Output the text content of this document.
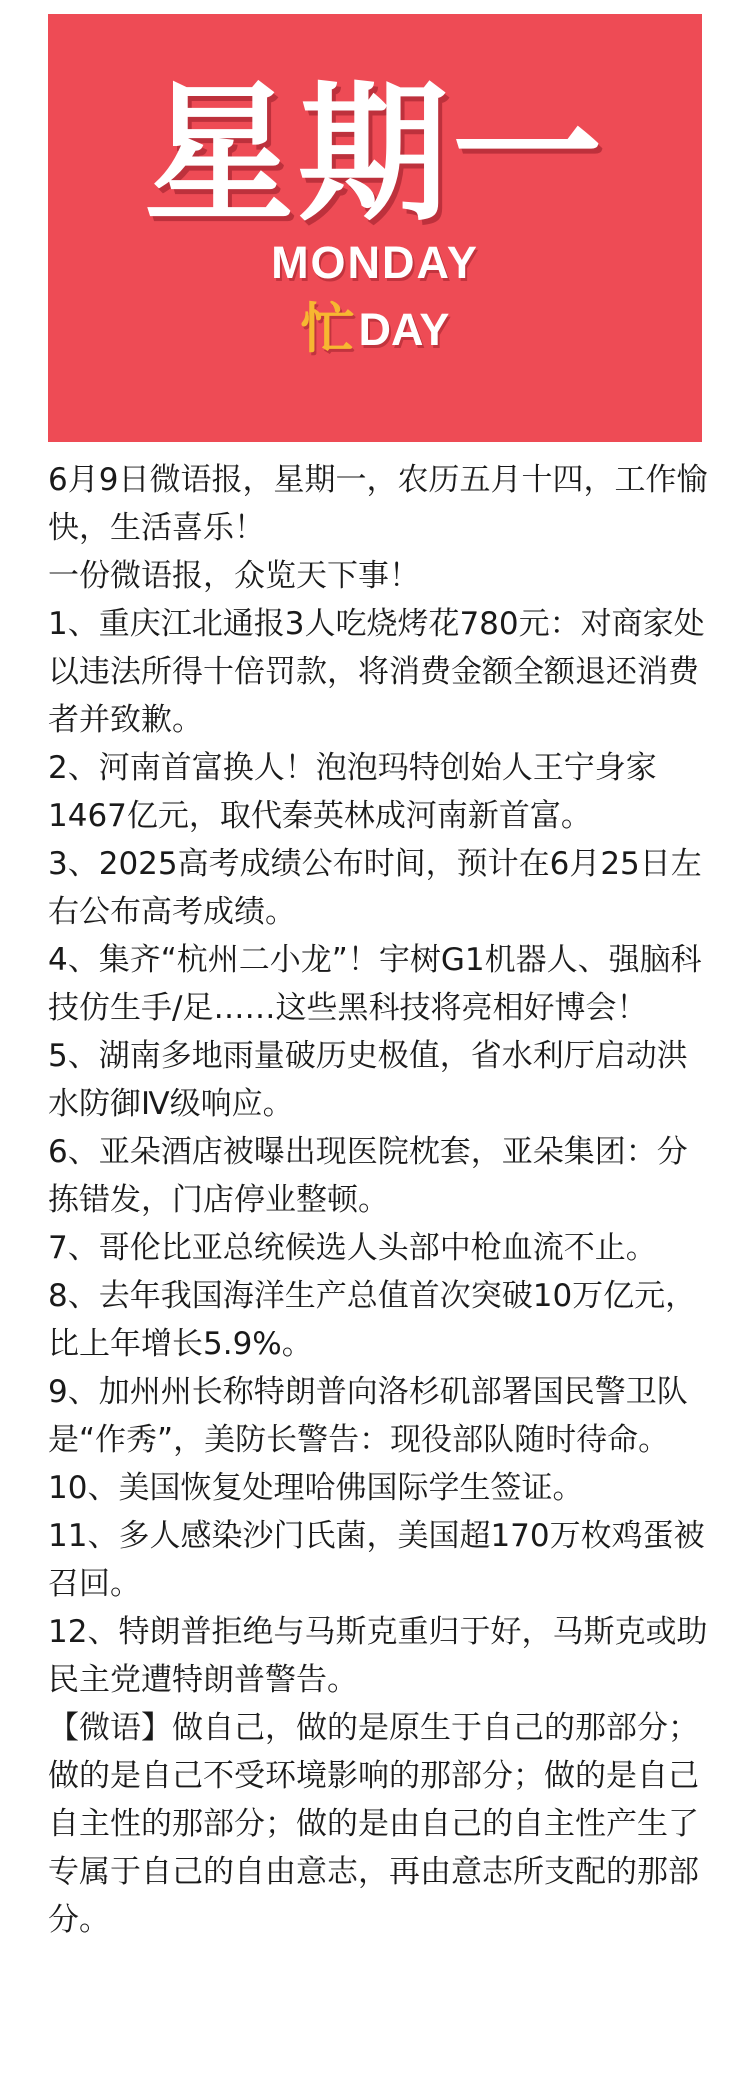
星期一
MONDAY
忙DAY
6月9日微语报，星期一，农历五月十四，工作愉快，生活喜乐！
一份微语报，众览天下事！
1、重庆江北通报3人吃烧烤花780元：对商家处以违法所得十倍罚款，将消费金额全额退还消费者并致歉。
2、河南首富换人！泡泡玛特创始人王宁身家1467亿元，取代秦英林成河南新首富。
3、2025高考成绩公布时间，预计在6月25日左右公布高考成绩。
4、集齐“杭州二小龙”！宇树G1机器人、强脑科技仿生手/足……这些黑科技将亮相好博会！
5、湖南多地雨量破历史极值，省水利厅启动洪水防御Ⅳ级响应。
6、亚朵酒店被曝出现医院枕套，亚朵集团：分拣错发，门店停业整顿。
7、哥伦比亚总统候选人头部中枪血流不止。
8、去年我国海洋生产总值首次突破10万亿元，比上年增长5.9%。
9、加州州长称特朗普向洛杉矶部署国民警卫队是“作秀”，美防长警告：现役部队随时待命。
10、美国恢复处理哈佛国际学生签证。
11、多人感染沙门氏菌，美国超170万枚鸡蛋被召回。
12、特朗普拒绝与马斯克重归于好，马斯克或助民主党遭特朗普警告。
【微语】做自己，做的是原生于自己的那部分；做的是自己不受环境影响的那部分；做的是自己自主性的那部分；做的是由自己的自主性产生了专属于自己的自由意志，再由意志所支配的那部分。
